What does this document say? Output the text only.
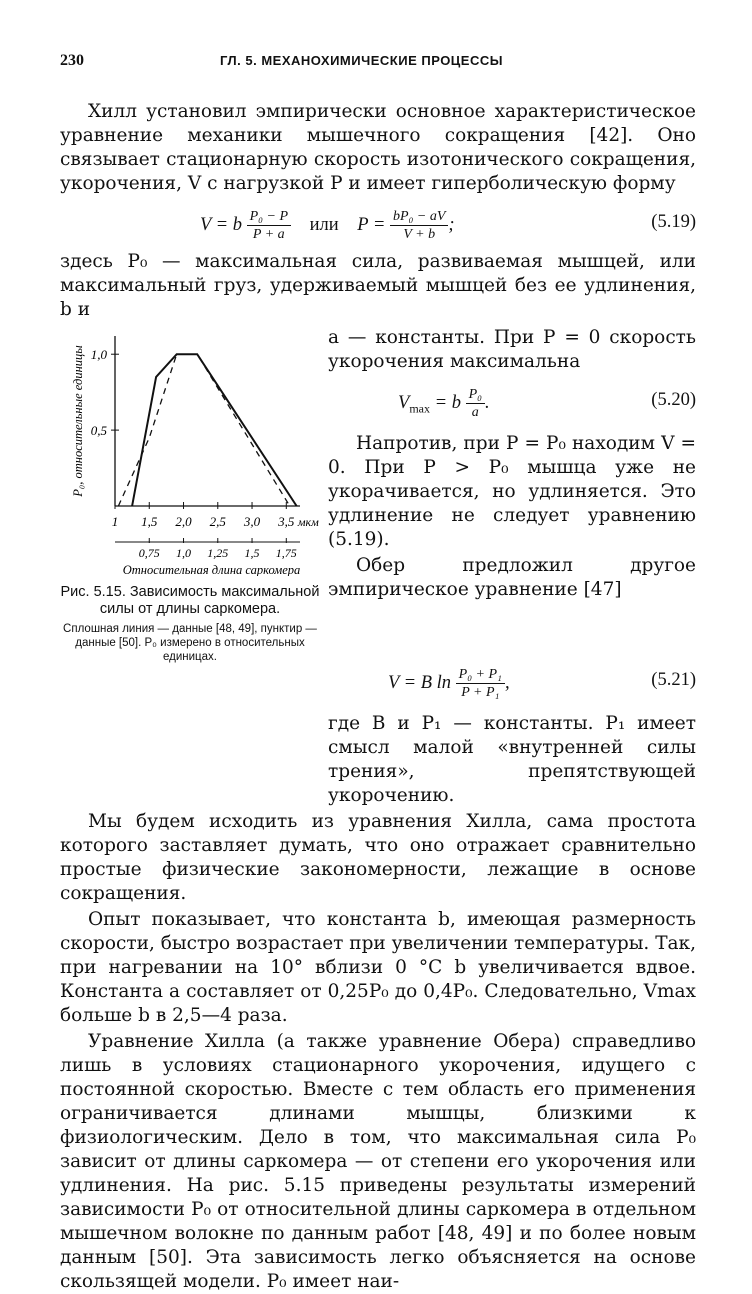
230	ГЛ. 5. МЕХАНОХИМИЧЕСКИЕ ПРОЦЕССЫ

Хилл установил эмпирически основное характеристическое уравнение механики мышечного сокращения [42]. Оно связывает стационарную скорость изотонического сокращения, укорочения, V с нагрузкой P и имеет гиперболическую форму

V = b $\frac{\text{P₀ − P}}{P + a}$ или $P = \frac{\text{bP₀ − aV}}{V + b}$ ;	(5.19)

здесь P₀ — максимальная сила, развиваемая мышцей, или максимальный груз, удерживаемый мышцей без ее удлинения, b и

0,5
1,0
1 1,5 2,0 2,5 3,0 3,5 мкм
0,75 1,0 1,25 1,5 1,75
Относительная длина саркомера
P₀, относительные единицы
Рис. 5.15. Зависимость максимальной силы от длины саркомера.
Сплошная линия — данные [48, 49], пунктир — данные [50]. P₀ измерено в относительных единицах.

a — константы. При P = 0 скорость укорочения максимальна

$V_{max} = b \frac{\text{P₀}}{a}$ .	(5.20)

Напротив, при P = P₀ находим V = 0. При P > P₀ мышца уже не укорачивается, но удлиняется. Это удлинение не следует уравнению (5.19).

Обер предложил другое эмпирическое уравнение [47]

V = B $\ln \frac{\text{P₀ + P₁}}{\text{P + P₁}}$ ,	(5.21)

где B и P₁ — константы. P₁ имеет смысл малой «внутренней силы трения», препятствующей укорочению.

Мы будем исходить из уравнения Хилла, сама простота которого заставляет думать, что оно отражает сравнительно простые физические закономерности, лежащие в основе сокращения.

Опыт показывает, что константа b, имеющая размерность скорости, быстро возрастает при увеличении температуры. Так, при нагревании на 10° вблизи 0 °C b увеличивается вдвое. Константа a составляет от 0,25P₀ до 0,4P₀. Следовательно, Vmax больше b в 2,5—4 раза.

Уравнение Хилла (а также уравнение Обера) справедливо лишь в условиях стационарного укорочения, идущего с постоянной скоростью. Вместе с тем область его применения ограничивается длинами мышцы, близкими к физиологическим. Дело в том, что максимальная сила P₀ зависит от длины саркомера — от степени его укорочения или удлинения. На рис. 5.15 приведены результаты измерений зависимости P₀ от относительной длины саркомера в отдельном мышечном волокне по данным работ [48, 49] и по более новым данным [50]. Эта зависимость легко объясняется на основе скользящей модели. P₀ имеет наи-
